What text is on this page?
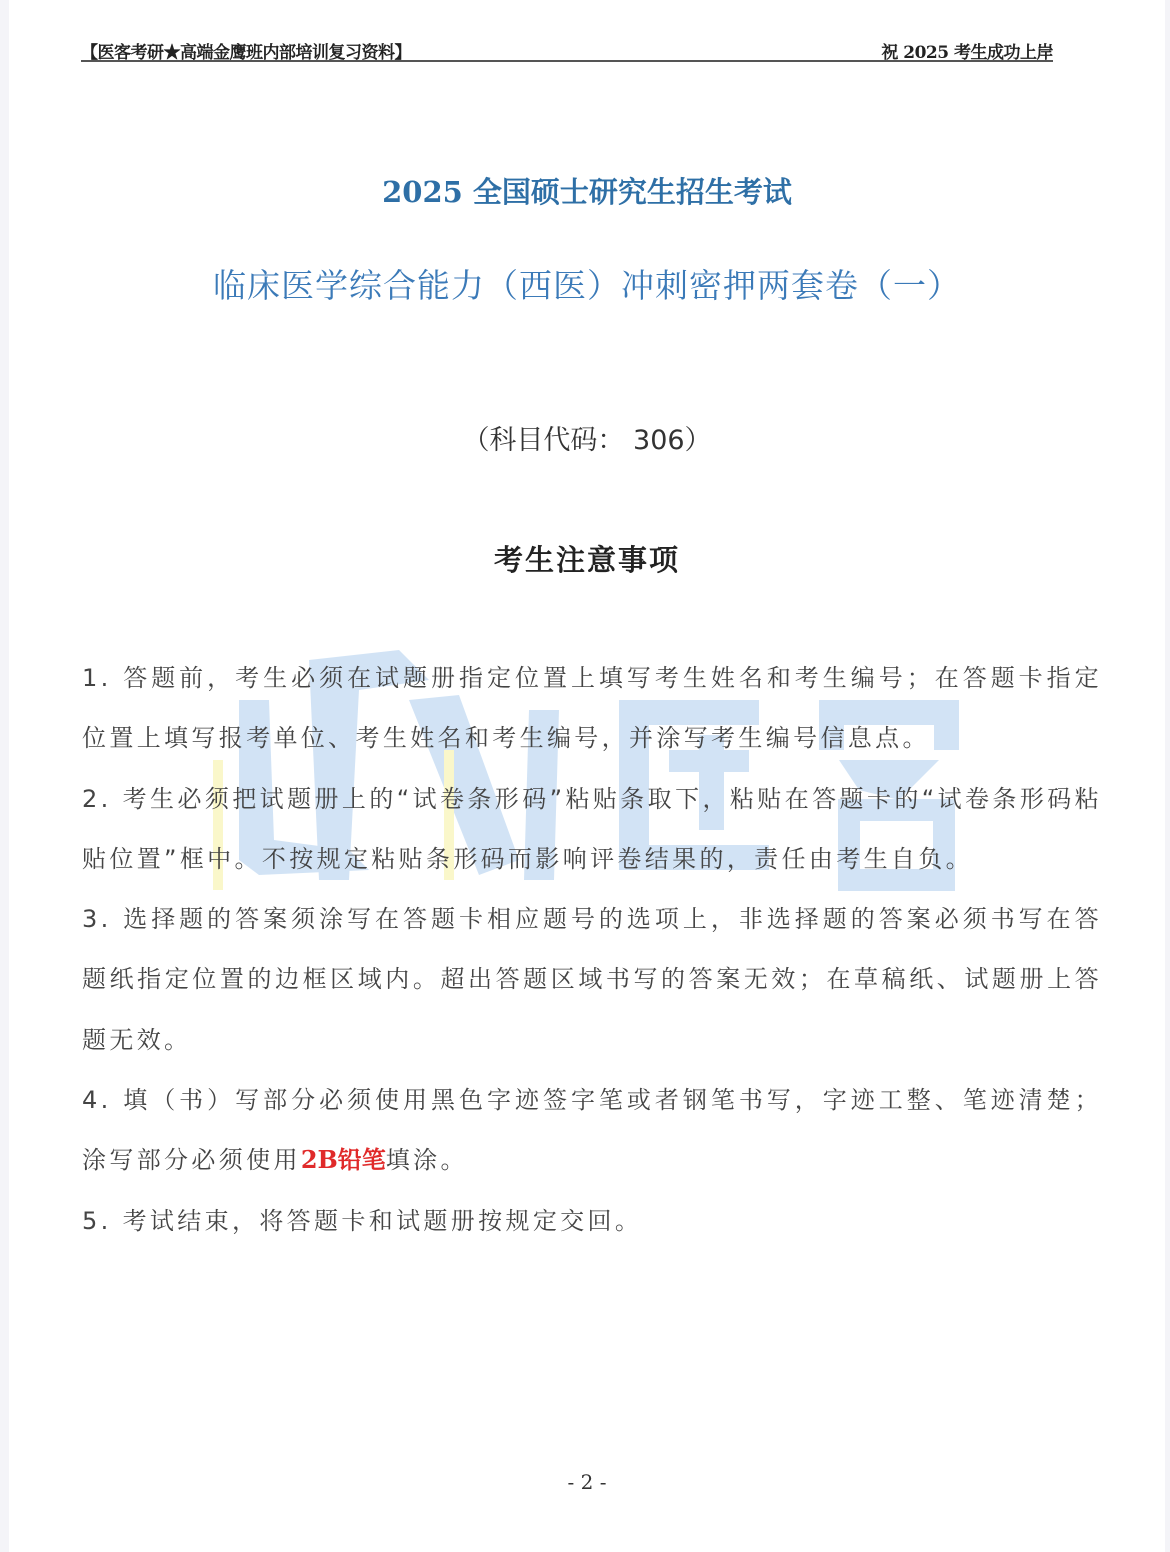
【医客考研★高端金鹰班内部培训复习资料】	祝 2025 考生成功上岸
2025 全国硕士研究生招生考试
临床医学综合能力（西医）冲刺密押两套卷（一）
（科目代码： 306）
考生注意事项
1. 答题前，考生必须在试题册指定位置上填写考生姓名和考生编号；在答题卡指定位置上填写报考单位、考生姓名和考生编号，并涂写考生编号信息点。
2. 考生必须把试题册上的“试卷条形码”粘贴条取下，粘贴在答题卡的“试卷条形码粘贴位置”框中。不按规定粘贴条形码而影响评卷结果的，责任由考生自负。
3. 选择题的答案须涂写在答题卡相应题号的选项上，非选择题的答案必须书写在答题纸指定位置的边框区域内。超出答题区域书写的答案无效；在草稿纸、试题册上答题无效。
4. 填（书）写部分必须使用黑色字迹签字笔或者钢笔书写，字迹工整、笔迹清楚；涂写部分必须使用2B铅笔填涂。
5. 考试结束，将答题卡和试题册按规定交回。
- 2 -
